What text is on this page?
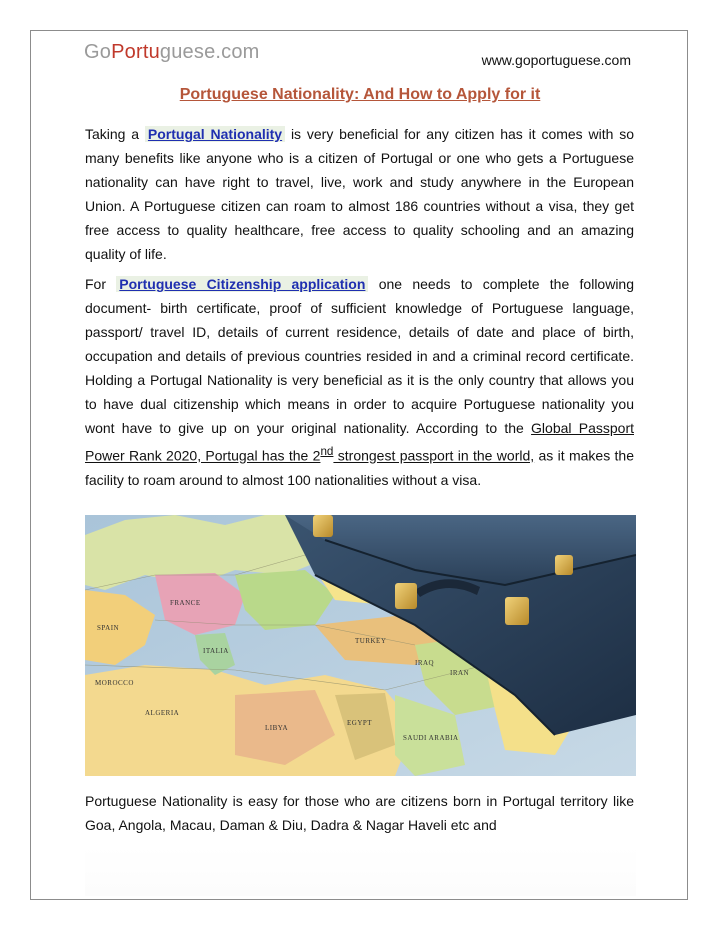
GoPortuguese.com	www.goportuguese.com
Portuguese Nationality: And How to Apply for it
Taking a Portugal Nationality is very beneficial for any citizen has it comes with so many benefits like anyone who is a citizen of Portugal or one who gets a Portuguese nationality can have right to travel, live, work and study anywhere in the European Union. A Portuguese citizen can roam to almost 186 countries without a visa, they get free access to quality healthcare, free access to quality schooling and an amazing quality of life.
For Portuguese Citizenship application one needs to complete the following document- birth certificate, proof of sufficient knowledge of Portuguese language, passport/ travel ID, details of current residence, details of date and place of birth, occupation and details of previous countries resided in and a criminal record certificate. Holding a Portugal Nationality is very beneficial as it is the only country that allows you to have dual citizenship which means in order to acquire Portuguese nationality you wont have to give up on your original nationality. According to the Global Passport Power Rank 2020, Portugal has the 2nd strongest passport in the world, as it makes the facility to roam around to almost 100 nationalities without a visa.
FRANCE
SPAIN
ITALIA
TURKEY
IRAN
IRAQ
LIBYA
EGYPT
ALGERIA
SAUDI ARABIA
MOROCCO
Portuguese Nationality is easy for those who are citizens born in Portugal territory like Goa, Angola, Macau, Daman & Diu, Dadra & Nagar Haveli etc and
